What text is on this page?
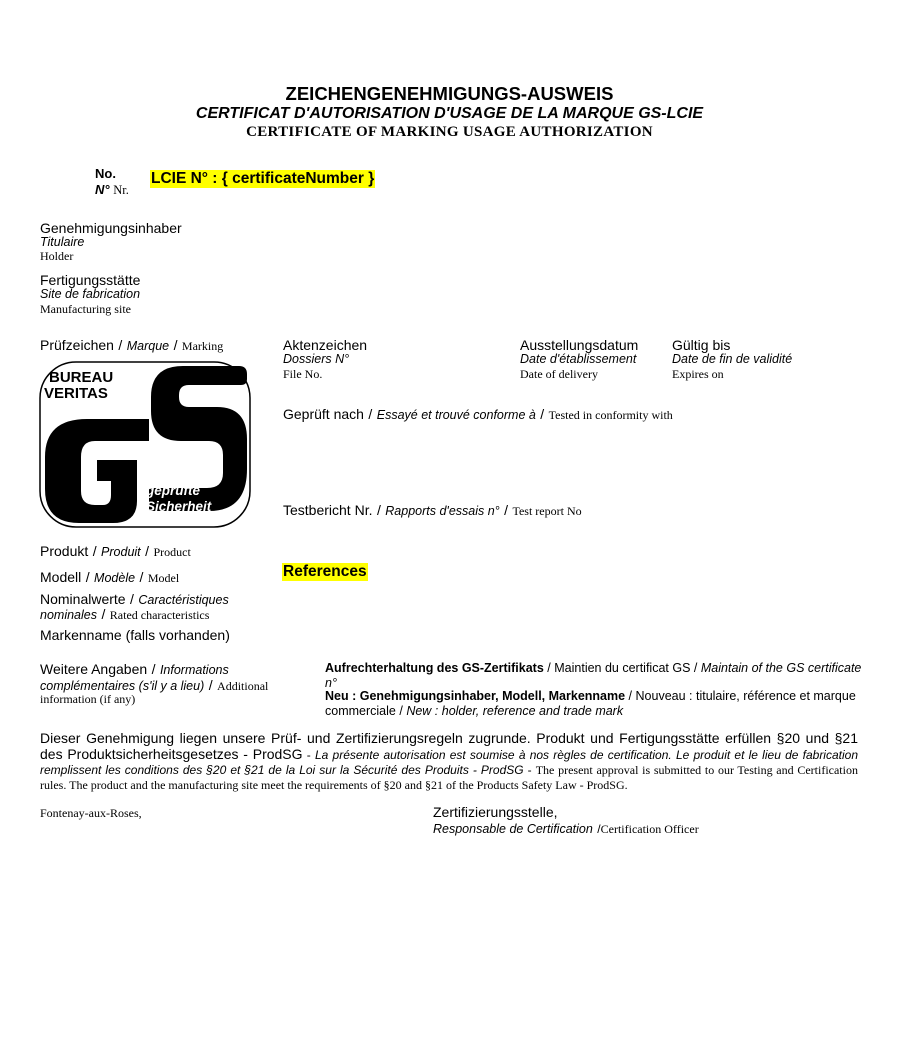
ZEICHENGENEHMIGUNGS-AUSWEIS
CERTIFICAT D'AUTORISATION D'USAGE DE LA MARQUE GS-LCIE
CERTIFICATE OF MARKING USAGE AUTHORIZATION
No.
N° Nr.
LCIE N° : { certificateNumber }
Genehmigungsinhaber
Titulaire
Holder
Fertigungsstätte
Site de fabrication
Manufacturing site
Prüfzeichen / Marque / Marking	Aktenzeichen
Dossiers N°
File No.
Ausstellungsdatum
Date d'établissement
Date of delivery
Gültig bis
Date de fin de validité
Expires on
Geprüft nach / Essayé et trouvé conforme à / Tested in conformity with
BUREAU
VERITAS
geprüfte
Sicherheit	Testbericht Nr. / Rapports d'essais n° / Test report No
Produkt / Produit / Product
Modell / Modèle / Model	References
Nominalwerte / Caractéristiques
nominales / Rated characteristics
Markenname (falls vorhanden)
Weitere Angaben / Informations
complémentaires (s'il y a lieu) / Additional
information (if any)
Aufrechterhaltung des GS-Zertifikats / Maintien du certificat GS / Maintain of the GS certificate
n°
Neu : Genehmigungsinhaber, Modell, Markenname / Nouveau : titulaire, référence et marque
commerciale / New : holder, reference and trade mark
Dieser Genehmigung liegen unsere Prüf- und Zertifizierungsregeln zugrunde. Produkt und Fertigungsstätte erfüllen §20 und §21 des Produktsicherheitsgesetzes - ProdSG - La présente autorisation est soumise à nos règles de certification. Le produit et le lieu de fabrication remplissent les conditions des §20 et §21 de la Loi sur la Sécurité des Produits - ProdSG - The present approval is submitted to our Testing and Certification rules. The product and the manufacturing site meet the requirements of §20 and §21 of the Products Safety Law - ProdSG.
Fontenay-aux-Roses,	Zertifizierungsstelle,
Responsable de Certification /Certification Officer
